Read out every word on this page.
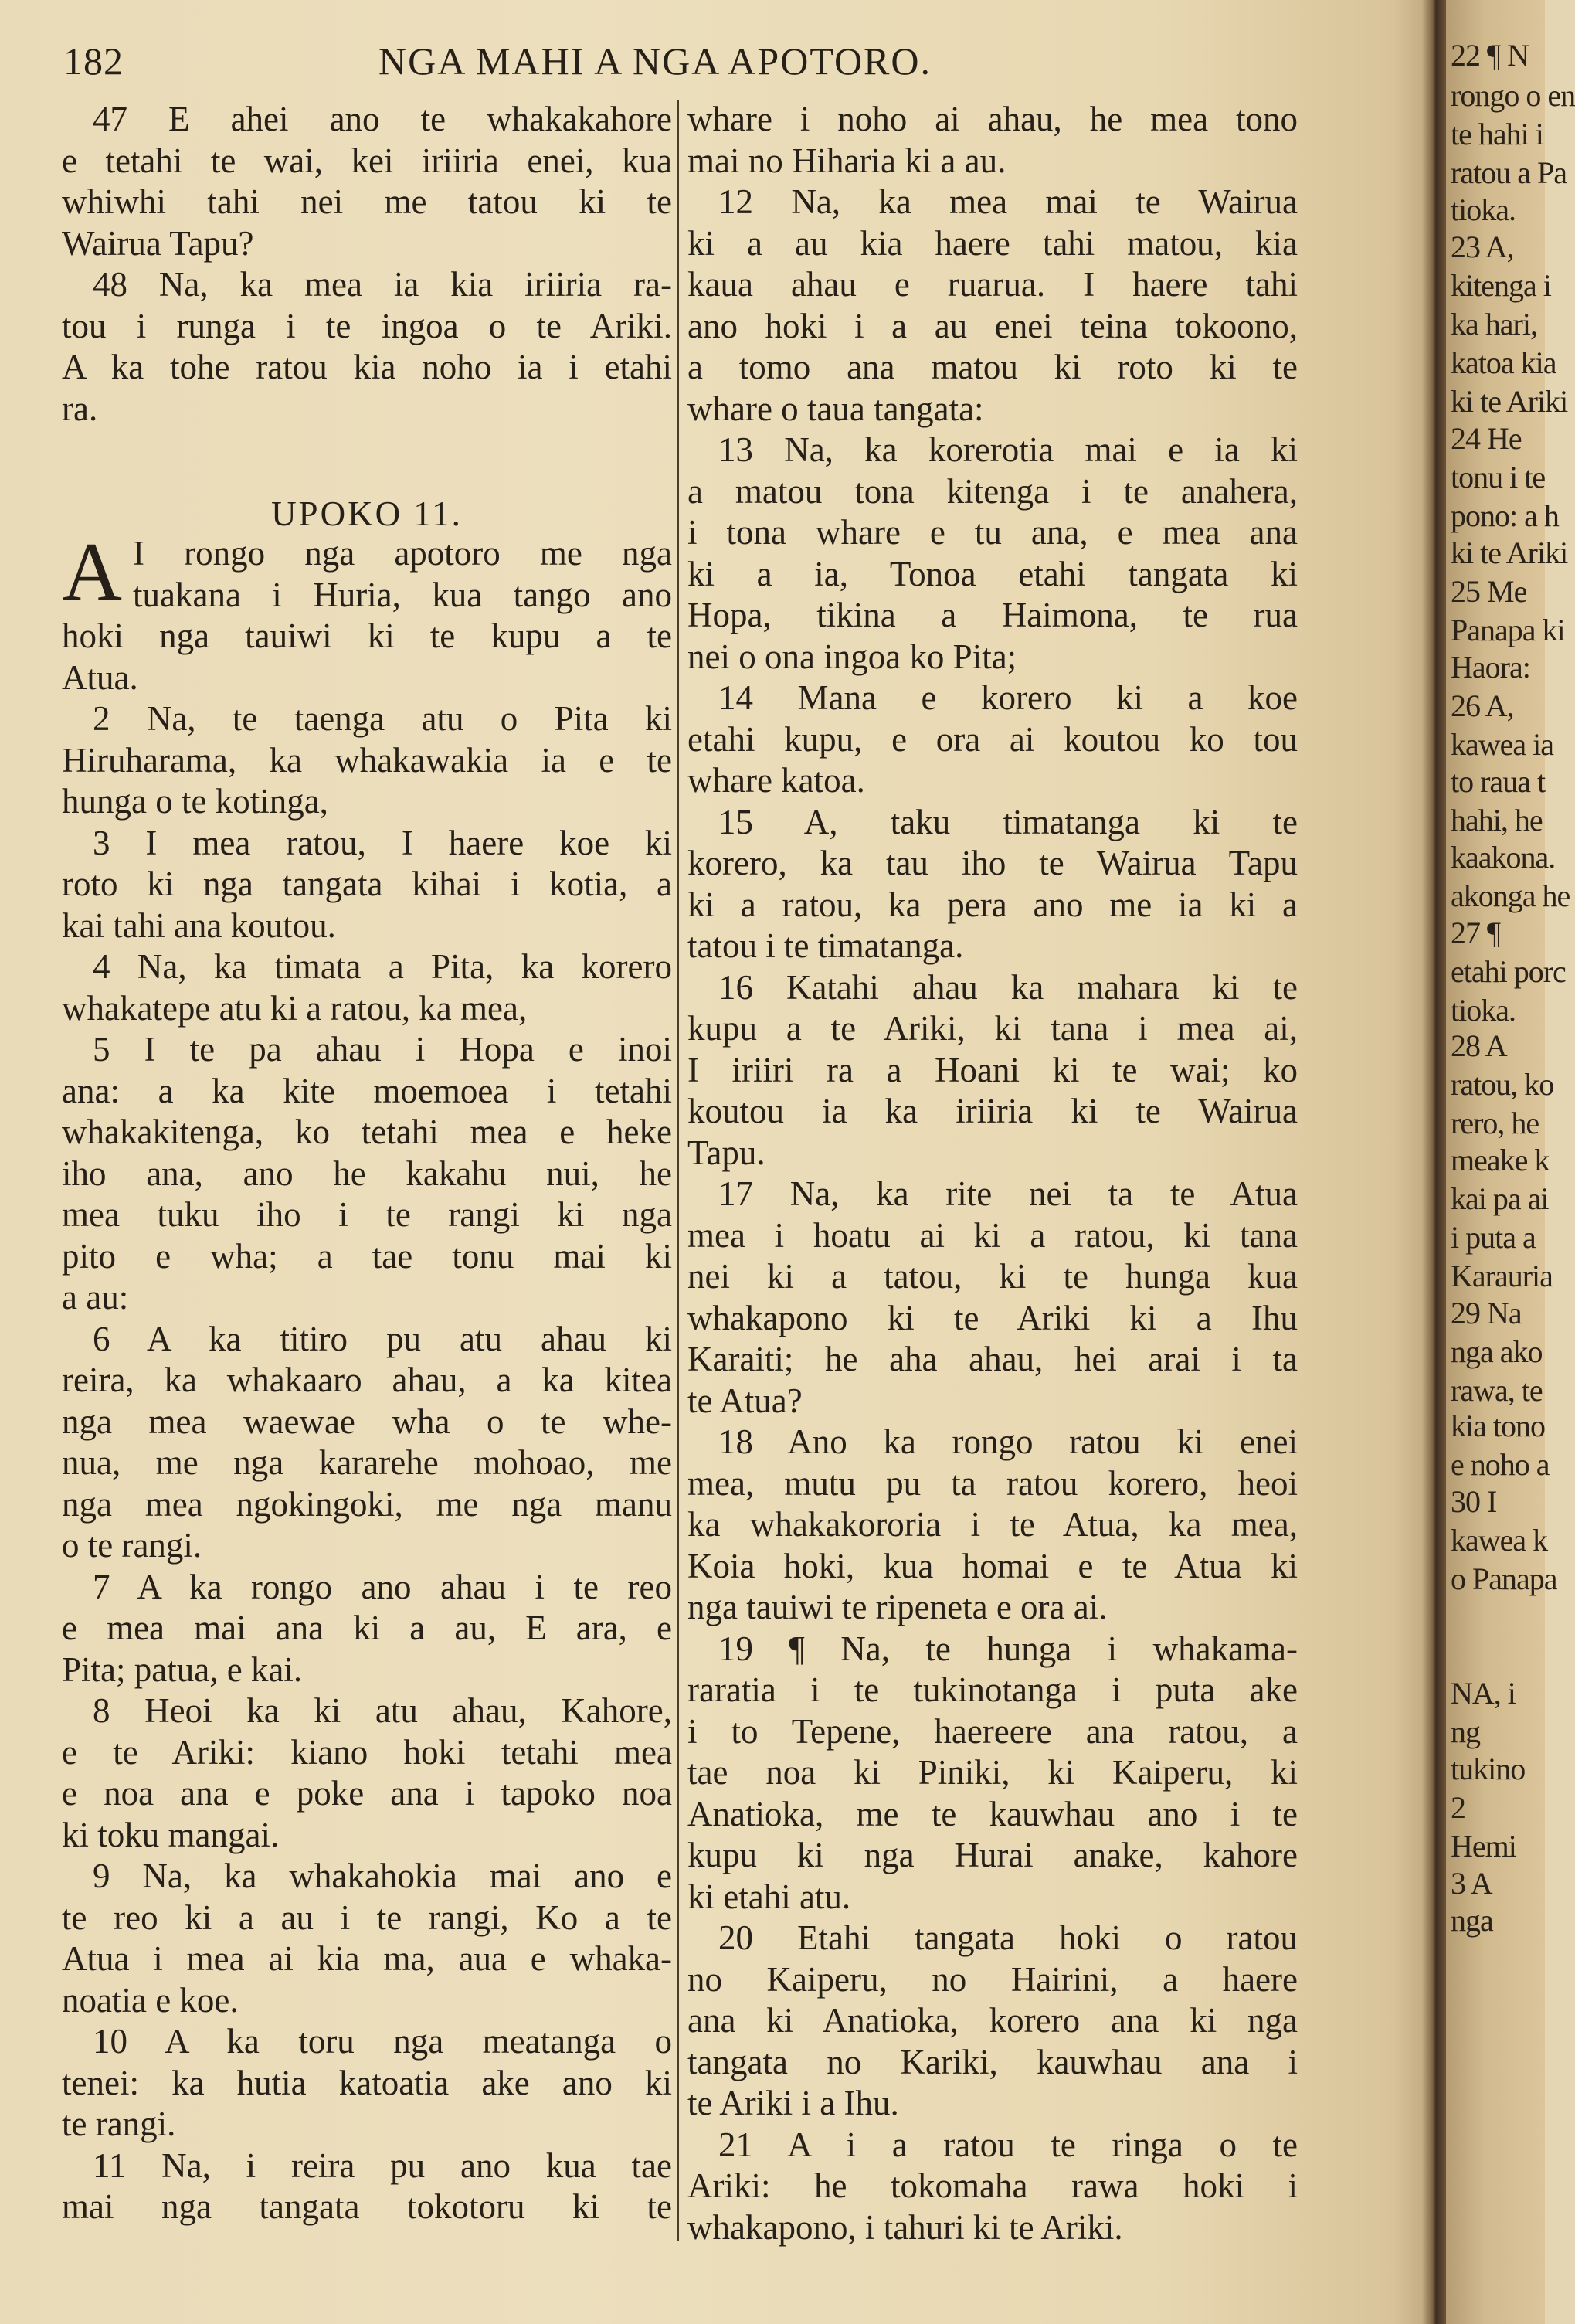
182	NGA MAHI A NGA APOTORO.
47 E ahei ano te whakakahore
e tetahi te wai, kei iriiria enei, kua
whiwhi tahi nei me tatou ki te
Wairua Tapu?
48 Na, ka mea ia kia iriiria ra-
tou i runga i te ingoa o te Ariki.
A ka tohe ratou kia noho ia i etahi
ra.
UPOKO 11.
A I rongo nga apotoro me nga
tuakana i Huria, kua tango ano
hoki nga tauiwi ki te kupu a te
Atua.
2 Na, te taenga atu o Pita ki
Hiruharama, ka whakawakia ia e te
hunga o te kotinga,
3 I mea ratou, I haere koe ki
roto ki nga tangata kihai i kotia, a
kai tahi ana koutou.
4 Na, ka timata a Pita, ka korero
whakatepe atu ki a ratou, ka mea,
5 I te pa ahau i Hopa e inoi
ana: a ka kite moemoea i tetahi
whakakitenga, ko tetahi mea e heke
iho ana, ano he kakahu nui, he
mea tuku iho i te rangi ki nga
pito e wha; a tae tonu mai ki
a au:
6 A ka titiro pu atu ahau ki
reira, ka whakaaro ahau, a ka kitea
nga mea waewae wha o te whe-
nua, me nga kararehe mohoao, me
nga mea ngokingoki, me nga manu
o te rangi.
7 A ka rongo ano ahau i te reo
e mea mai ana ki a au, E ara, e
Pita; patua, e kai.
8 Heoi ka ki atu ahau, Kahore,
e te Ariki: kiano hoki tetahi mea
e noa ana e poke ana i tapoko noa
ki toku mangai.
9 Na, ka whakahokia mai ano e
te reo ki a au i te rangi, Ko a te
Atua i mea ai kia ma, aua e whaka-
noatia e koe.
10 A ka toru nga meatanga o
tenei: ka hutia katoatia ake ano ki
te rangi.
11 Na, i reira pu ano kua tae
mai nga tangata tokotoru ki te
whare i noho ai ahau, he mea tono
mai no Hiharia ki a au.
12 Na, ka mea mai te Wairua
ki a au kia haere tahi matou, kia
kaua ahau e ruarua. I haere tahi
ano hoki i a au enei teina tokoono,
a tomo ana matou ki roto ki te
whare o taua tangata:
13 Na, ka korerotia mai e ia ki
a matou tona kitenga i te anahera,
i tona whare e tu ana, e mea ana
ki a ia, Tonoa etahi tangata ki
Hopa, tikina a Haimona, te rua
nei o ona ingoa ko Pita;
14 Mana e korero ki a koe
etahi kupu, e ora ai koutou ko tou
whare katoa.
15 A, taku timatanga ki te
korero, ka tau iho te Wairua Tapu
ki a ratou, ka pera ano me ia ki a
tatou i te timatanga.
16 Katahi ahau ka mahara ki te
kupu a te Ariki, ki tana i mea ai,
I iriiri ra a Hoani ki te wai; ko
koutou ia ka iriiria ki te Wairua
Tapu.
17 Na, ka rite nei ta te Atua
mea i hoatu ai ki a ratou, ki tana
nei ki a tatou, ki te hunga kua
whakapono ki te Ariki ki a Ihu
Karaiti; he aha ahau, hei arai i ta
te Atua?
18 Ano ka rongo ratou ki enei
mea, mutu pu ta ratou korero, heoi
ka whakakororia i te Atua, ka mea,
Koia hoki, kua homai e te Atua ki
nga tauiwi te ripeneta e ora ai.
19 ¶ Na, te hunga i whakama-
raratia i te tukinotanga i puta ake
i to Tepene, haereere ana ratou, a
tae noa ki Piniki, ki Kaiperu, ki
Anatioka, me te kauwhau ano i te
kupu ki nga Hurai anake, kahore
ki etahi atu.
20 Etahi tangata hoki o ratou
no Kaiperu, no Hairini, a haere
ana ki Anatioka, korero ana ki nga
tangata no Kariki, kauwhau ana i
te Ariki i a Ihu.
21 A i a ratou te ringa o te
Ariki: he tokomaha rawa hoki i
whakapono, i tahuri ki te Ariki.
22 ¶ N
rongo o en
te hahi i
ratou a Pa
tioka.
23 A,
kitenga i
ka hari,
katoa kia
ki te Ariki
24 He
tonu i te
pono: a h
ki te Ariki
25 Me
Panapa ki
Haora:
26 A,
kawea ia
to raua t
hahi, he
kaakona.
akonga he
27 ¶
etahi porc
tioka.
28 A
ratou, ko
rero, he
meake k
kai pa ai
i puta a
Karauria
29 Na
nga ako
rawa, te
kia tono
e noho a
30 I
kawea k
o Panapa
NA, i
ng
tukino
2
Hemi
3 A
nga
